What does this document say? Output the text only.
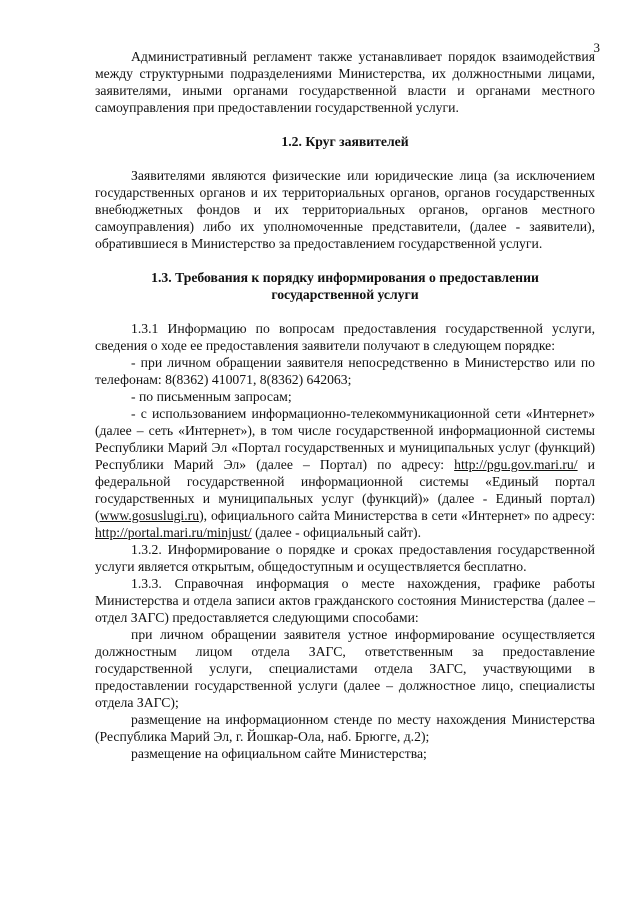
3

Административный регламент также устанавливает порядок взаимодействия между структурными подразделениями Министерства, их должностными лицами, заявителями, иными органами государственной власти и органами местного самоуправления при предоставлении государственной услуги.

1.2. Круг заявителей

Заявителями являются физические или юридические лица (за исключением государственных органов и их территориальных органов, органов государственных внебюджетных фондов и их территориальных органов, органов местного самоуправления) либо их уполномоченные представители, (далее - заявители), обратившиеся в Министерство за предоставлением государственной услуги.

1.3. Требования к порядку информирования о предоставлении
государственной услуги

1.3.1 Информацию по вопросам предоставления государственной услуги, сведения о ходе ее предоставления заявители получают в следующем порядке:

- при личном обращении заявителя непосредственно в Министерство или по телефонам: 8(8362) 410071, 8(8362) 642063;

- по письменным запросам;

- с использованием информационно-телекоммуникационной сети «Интернет» (далее – сеть «Интернет»), в том числе государственной информационной системы Республики Марий Эл «Портал государственных и муниципальных услуг (функций) Республики Марий Эл» (далее – Портал) по адресу: http://pgu.gov.mari.ru/ и федеральной государственной информационной системы «Единый портал государственных и муниципальных услуг (функций)» (далее - Единый портал) (www.gosuslugi.ru), официального сайта Министерства в сети «Интернет» по адресу: http://portal.mari.ru/minjust/ (далее - официальный сайт).

1.3.2. Информирование о порядке и сроках предоставления государственной услуги является открытым, общедоступным и осуществляется бесплатно.

1.3.3. Справочная информация о месте нахождения, графике работы Министерства и отдела записи актов гражданского состояния Министерства (далее – отдел ЗАГС) предоставляется следующими способами:

при личном обращении заявителя устное информирование осуществляется должностным лицом отдела ЗАГС, ответственным за предоставление государственной услуги, специалистами отдела ЗАГС, участвующими в предоставлении государственной услуги (далее – должностное лицо, специалисты отдела ЗАГС);

размещение на информационном стенде по месту нахождения Министерства (Республика Марий Эл, г. Йошкар-Ола, наб. Брюгге, д.2);

размещение на официальном сайте Министерства;
